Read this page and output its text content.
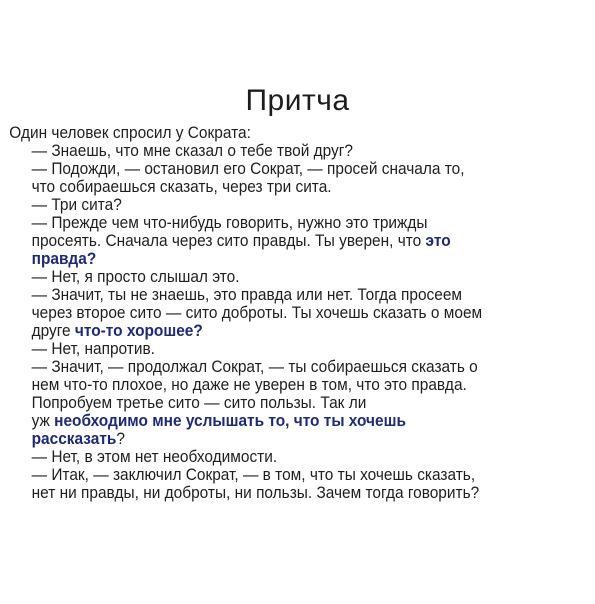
Притча
Один человек спросил у Сократа:
— Знаешь, что мне сказал о тебе твой друг?
— Подожди, — остановил его Сократ, — просей сначала то,
что собираешься сказать, через три сита.
— Три сита?
— Прежде чем что-нибудь говорить, нужно это трижды
просеять. Сначала через сито правды. Ты уверен, что это
правда?
— Нет, я просто слышал это.
— Значит, ты не знаешь, это правда или нет. Тогда просеем
через второе сито — сито доброты. Ты хочешь сказать о моем
друге что-то хорошее?
— Нет, напротив.
— Значит, — продолжал Сократ, — ты собираешься сказать о
нем что-то плохое, но даже не уверен в том, что это правда.
Попробуем третье сито — сито пользы. Так ли
уж необходимо мне услышать то, что ты хочешь
рассказать?
— Нет, в этом нет необходимости.
— Итак, — заключил Сократ, — в том, что ты хочешь сказать,
нет ни правды, ни доброты, ни пользы. Зачем тогда говорить?
